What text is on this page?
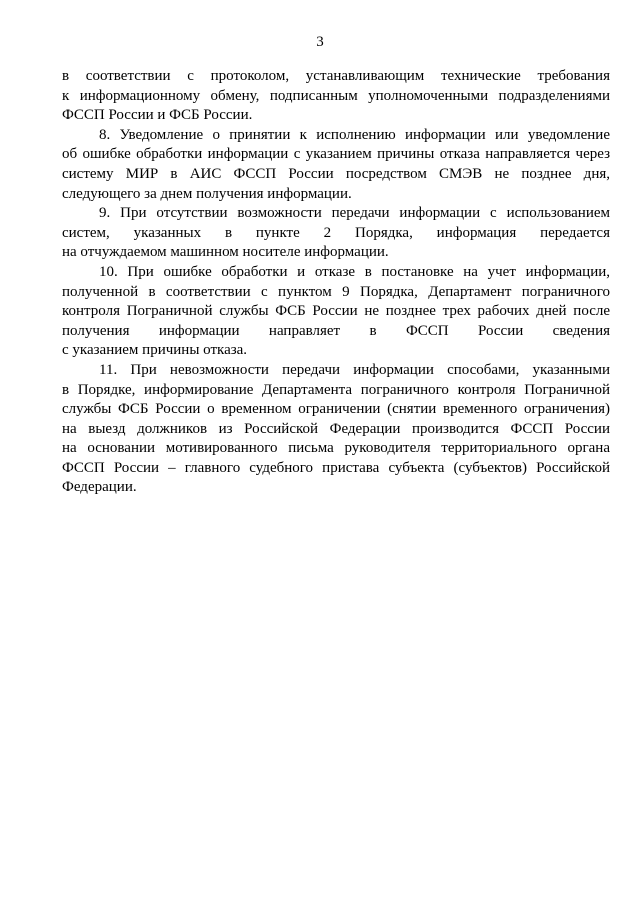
3
в соответствии с протоколом, устанавливающим технические требования
к информационному обмену, подписанным уполномоченными подразделениями
ФССП России и ФСБ России.
8. Уведомление о принятии к исполнению информации или уведомление
об ошибке обработки информации с указанием причины отказа направляется через
систему МИР в АИС ФССП России посредством СМЭВ не позднее дня,
следующего за днем получения информации.
9. При отсутствии возможности передачи информации с использованием
систем, указанных в пункте 2 Порядка, информация передается
на отчуждаемом машинном носителе информации.
10. При ошибке обработки и отказе в постановке на учет информации,
полученной в соответствии с пунктом 9 Порядка, Департамент пограничного
контроля Пограничной службы ФСБ России не позднее трех рабочих дней после
получения информации направляет в ФССП России сведения
с указанием причины отказа.
11. При невозможности передачи информации способами, указанными
в Порядке, информирование Департамента пограничного контроля Пограничной
службы ФСБ России о временном ограничении (снятии временного ограничения)
на выезд должников из Российской Федерации производится ФССП России
на основании мотивированного письма руководителя территориального органа
ФССП России – главного судебного пристава субъекта (субъектов) Российской
Федерации.
